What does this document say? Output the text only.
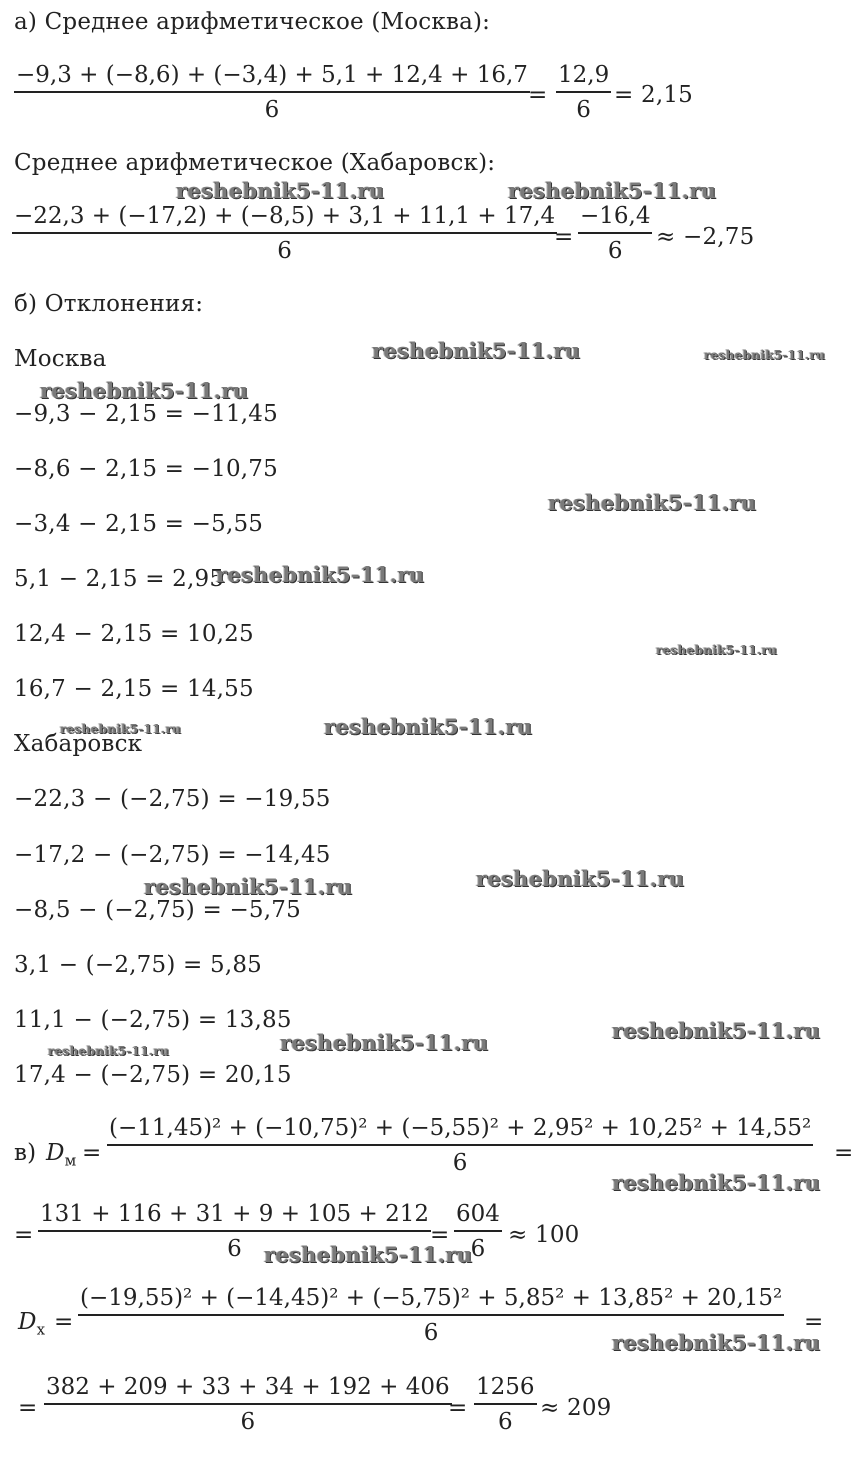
а) Среднее арифметическое (Москва):
−9,3 + (−8,6) + (−3,4) + 5,1 + 12,4 + 16,7
6
=
12,9
6
= 2,15
Среднее арифметическое (Хабаровск):
−22,3 + (−17,2) + (−8,5) + 3,1 + 11,1 + 17,4
6
=
−16,4
6
≈ −2,75
б) Отклонения:
Москва
−9,3 − 2,15 = −11,45
−8,6 − 2,15 = −10,75
−3,4 − 2,15 = −5,55
5,1 − 2,15 = 2,95
12,4 − 2,15 = 10,25
16,7 − 2,15 = 14,55
Хабаровск
−22,3 − (−2,75) = −19,55
−17,2 − (−2,75) = −14,45
−8,5 − (−2,75) = −5,75
3,1 − (−2,75) = 5,85
11,1 − (−2,75) = 13,85
17,4 − (−2,75) = 20,15
в) $D_м$ =
(−11,45)² + (−10,75)² + (−5,55)² + 2,95² + 10,25² + 14,55²
6	=
=
131 + 116 + 31 + 9 + 105 + 212
6
=
604
6
≈ 100
$D_х$ =
(−19,55)² + (−14,45)² + (−5,75)² + 5,85² + 13,85² + 20,15²
6	=
=
382 + 209 + 33 + 34 + 192 + 406
6
=
1256
6
≈ 209
reshebnik5-11.ru	reshebnik5-11.ru
reshebnik5-11.ru	reshebnik5-11.ru
reshebnik5-11.ru
reshebnik5-11.ru
reshebnik5-11.ru
reshebnik5-11.ru
reshebnik5-11.ru	reshebnik5-11.ru
reshebnik5-11.ru
reshebnik5-11.ru
reshebnik5-11.ru
reshebnik5-11.ru
reshebnik5-11.ru
reshebnik5-11.ru
reshebnik5-11.ru
reshebnik5-11.ru
